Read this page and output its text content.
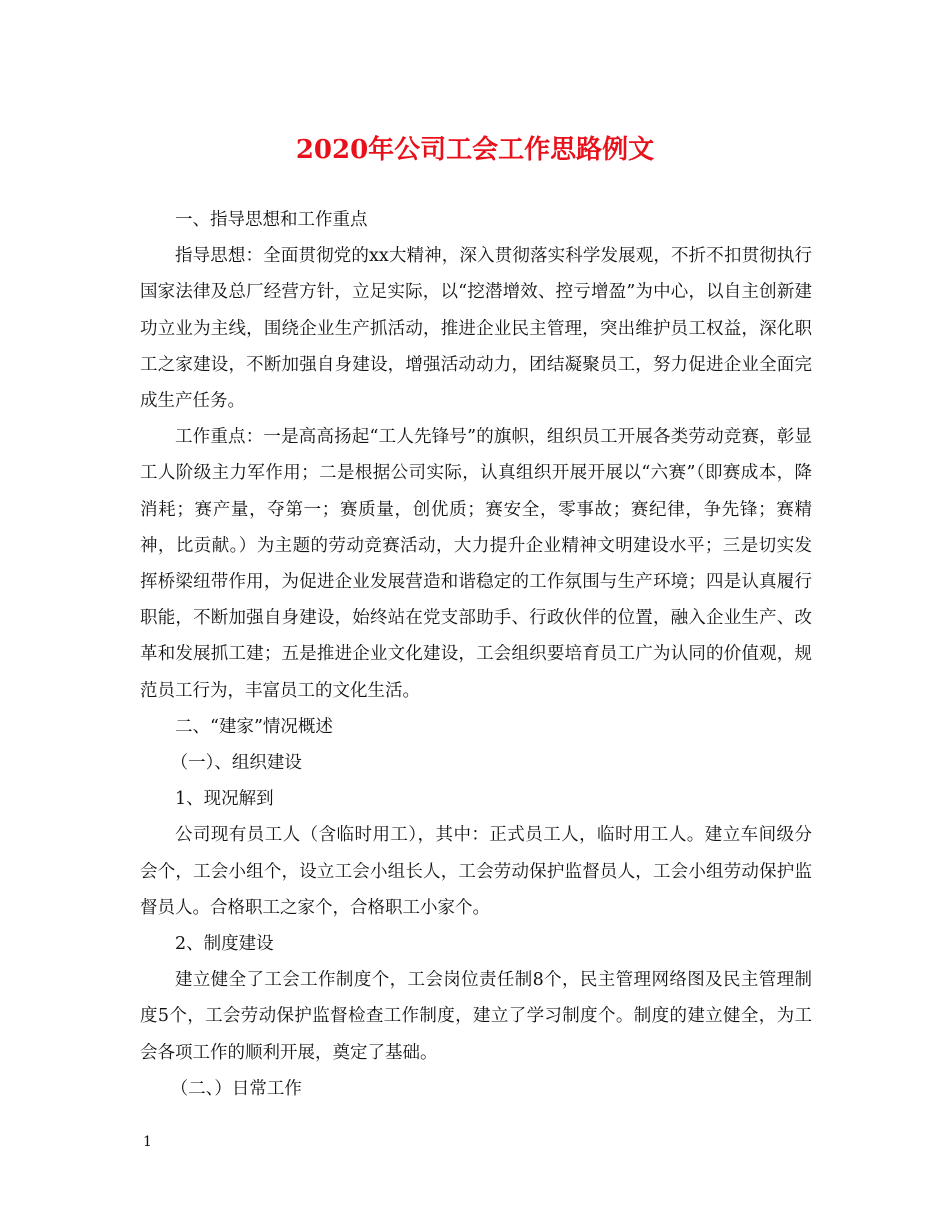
2020年公司工会工作思路例文

一、指导思想和工作重点

指导思想：全面贯彻党的xx大精神，深入贯彻落实科学发展观，不折不扣贯彻执行国家法律及总厂经营方针，立足实际，以“挖潜增效、控亏增盈”为中心，以自主创新建功立业为主线，围绕企业生产抓活动，推进企业民主管理，突出维护员工权益，深化职工之家建设，不断加强自身建设，增强活动动力，团结凝聚员工，努力促进企业全面完成生产任务。

工作重点：一是高高扬起“工人先锋号”的旗帜，组织员工开展各类劳动竞赛，彰显工人阶级主力军作用；二是根据公司实际，认真组织开展开展以“六赛”（即赛成本，降消耗；赛产量，夺第一；赛质量，创优质；赛安全，零事故；赛纪律，争先锋；赛精神，比贡献。）为主题的劳动竞赛活动，大力提升企业精神文明建设水平；三是切实发挥桥梁纽带作用，为促进企业发展营造和谐稳定的工作氛围与生产环境；四是认真履行职能，不断加强自身建设，始终站在党支部助手、行政伙伴的位置，融入企业生产、改革和发展抓工建；五是推进企业文化建设，工会组织要培育员工广为认同的价值观，规范员工行为，丰富员工的文化生活。

二、“建家”情况概述

（一）、组织建设

1、现况解到

公司现有员工人（含临时用工），其中：正式员工人，临时用工人。建立车间级分会个，工会小组个，设立工会小组长人，工会劳动保护监督员人，工会小组劳动保护监督员人。合格职工之家个，合格职工小家个。

2、制度建设

建立健全了工会工作制度个，工会岗位责任制8个，民主管理网络图及民主管理制度5个，工会劳动保护监督检查工作制度，建立了学习制度个。制度的建立健全，为工会各项工作的顺利开展，奠定了基础。

（二、）日常工作

1
